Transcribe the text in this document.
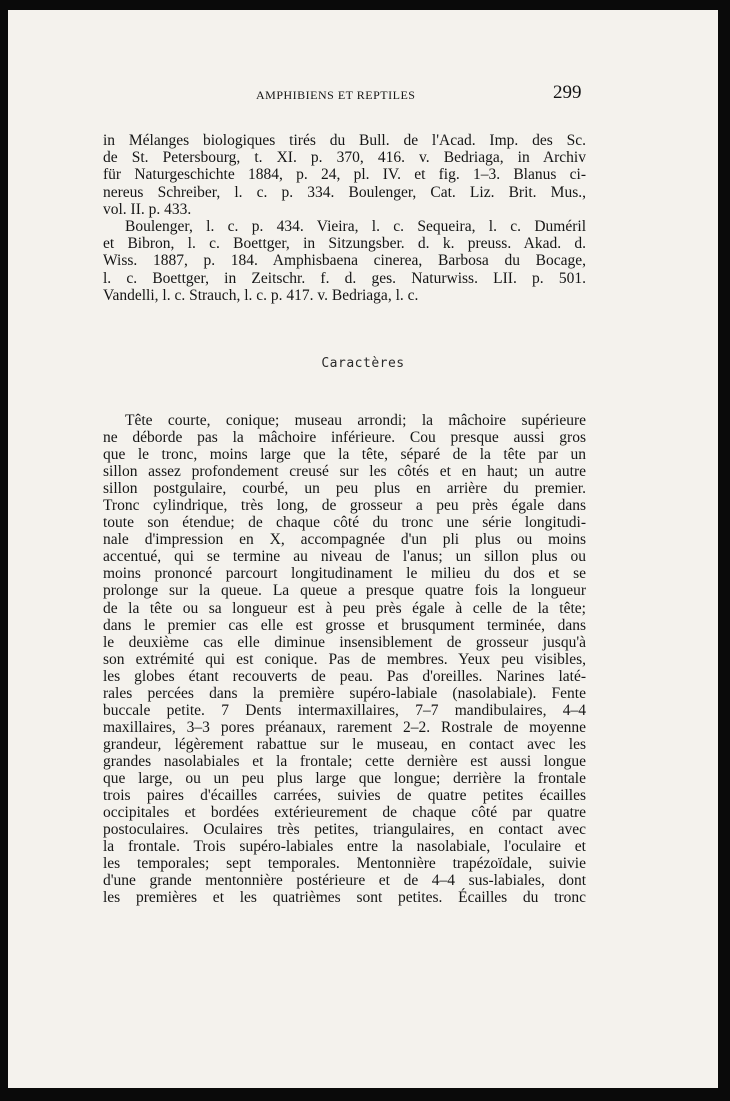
AMPHIBIENS ET REPTILES	299
in Mélanges biologiques tirés du Bull. de l'Acad. Imp. des Sc.
de St. Petersbourg, t. XI. p. 370, 416. v. Bedriaga, in Archiv
für Naturgeschichte 1884, p. 24, pl. IV. et fig. 1–3. Blanus ci-
nereus Schreiber, l. c. p. 334. Boulenger, Cat. Liz. Brit. Mus.,
vol. II. p. 433.
Boulenger, l. c. p. 434. Vieira, l. c. Sequeira, l. c. Duméril
et Bibron, l. c. Boettger, in Sitzungsber. d. k. preuss. Akad. d.
Wiss. 1887, p. 184. Amphisbaena cinerea, Barbosa du Bocage,
l. c. Boettger, in Zeitschr. f. d. ges. Naturwiss. LII. p. 501.
Vandelli, l. c. Strauch, l. c. p. 417. v. Bedriaga, l. c.
Caractères
Tête courte, conique; museau arrondi; la mâchoire supérieure
ne déborde pas la mâchoire inférieure. Cou presque aussi gros
que le tronc, moins large que la tête, séparé de la tête par un
sillon assez profondement creusé sur les côtés et en haut; un autre
sillon postgulaire, courbé, un peu plus en arrière du premier.
Tronc cylindrique, très long, de grosseur a peu près égale dans
toute son étendue; de chaque côté du tronc une série longitudi-
nale d'impression en X, accompagnée d'un pli plus ou moins
accentué, qui se termine au niveau de l'anus; un sillon plus ou
moins prononcé parcourt longitudinament le milieu du dos et se
prolonge sur la queue. La queue a presque quatre fois la longueur
de la tête ou sa longueur est à peu près égale à celle de la tête;
dans le premier cas elle est grosse et brusqument terminée, dans
le deuxième cas elle diminue insensiblement de grosseur jusqu'à
son extrémité qui est conique. Pas de membres. Yeux peu visibles,
les globes étant recouverts de peau. Pas d'oreilles. Narines laté-
rales percées dans la première supéro-labiale (nasolabiale). Fente
buccale petite. 7 Dents intermaxillaires, 7–7 mandibulaires, 4–4
maxillaires, 3–3 pores préanaux, rarement 2–2. Rostrale de moyenne
grandeur, légèrement rabattue sur le museau, en contact avec les
grandes nasolabiales et la frontale; cette dernière est aussi longue
que large, ou un peu plus large que longue; derrière la frontale
trois paires d'écailles carrées, suivies de quatre petites écailles
occipitales et bordées extérieurement de chaque côté par quatre
postoculaires. Oculaires très petites, triangulaires, en contact avec
la frontale. Trois supéro-labiales entre la nasolabiale, l'oculaire et
les temporales; sept temporales. Mentonnière trapézoïdale, suivie
d'une grande mentonnière postérieure et de 4–4 sus-labiales, dont
les premières et les quatrièmes sont petites. Écailles du tronc
